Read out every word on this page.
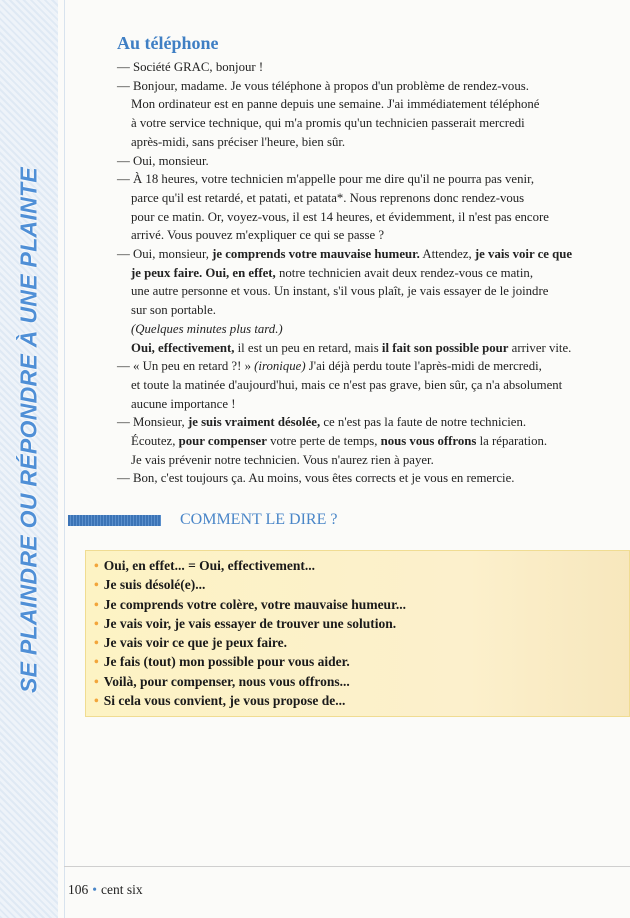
SE PLAINDRE OU RÉPONDRE À UNE PLAINTE
Au téléphone
— Société GRAC, bonjour !
— Bonjour, madame. Je vous téléphone à propos d'un problème de rendez-vous.
Mon ordinateur est en panne depuis une semaine. J'ai immédiatement téléphoné
à votre service technique, qui m'a promis qu'un technicien passerait mercredi
après-midi, sans préciser l'heure, bien sûr.
— Oui, monsieur.
— À 18 heures, votre technicien m'appelle pour me dire qu'il ne pourra pas venir,
parce qu'il est retardé, et patati, et patata*. Nous reprenons donc rendez-vous
pour ce matin. Or, voyez-vous, il est 14 heures, et évidemment, il n'est pas encore
arrivé. Vous pouvez m'expliquer ce qui se passe ?
— Oui, monsieur, je comprends votre mauvaise humeur. Attendez, je vais voir ce que
je peux faire. Oui, en effet, notre technicien avait deux rendez-vous ce matin,
une autre personne et vous. Un instant, s'il vous plaît, je vais essayer de le joindre
sur son portable.
(Quelques minutes plus tard.)
Oui, effectivement, il est un peu en retard, mais il fait son possible pour arriver vite.
— « Un peu en retard ?! » (ironique) J'ai déjà perdu toute l'après-midi de mercredi,
et toute la matinée d'aujourd'hui, mais ce n'est pas grave, bien sûr, ça n'a absolument
aucune importance !
— Monsieur, je suis vraiment désolée, ce n'est pas la faute de notre technicien.
Écoutez, pour compenser votre perte de temps, nous vous offrons la réparation.
Je vais prévenir notre technicien. Vous n'aurez rien à payer.
— Bon, c'est toujours ça. Au moins, vous êtes corrects et je vous en remercie.
COMMENT LE DIRE ?
• Oui, en effet... = Oui, effectivement...
• Je suis désolé(e)...
• Je comprends votre colère, votre mauvaise humeur...
• Je vais voir, je vais essayer de trouver une solution.
• Je vais voir ce que je peux faire.
• Je fais (tout) mon possible pour vous aider.
• Voilà, pour compenser, nous vous offrons...
• Si cela vous convient, je vous propose de...
106 • cent six
